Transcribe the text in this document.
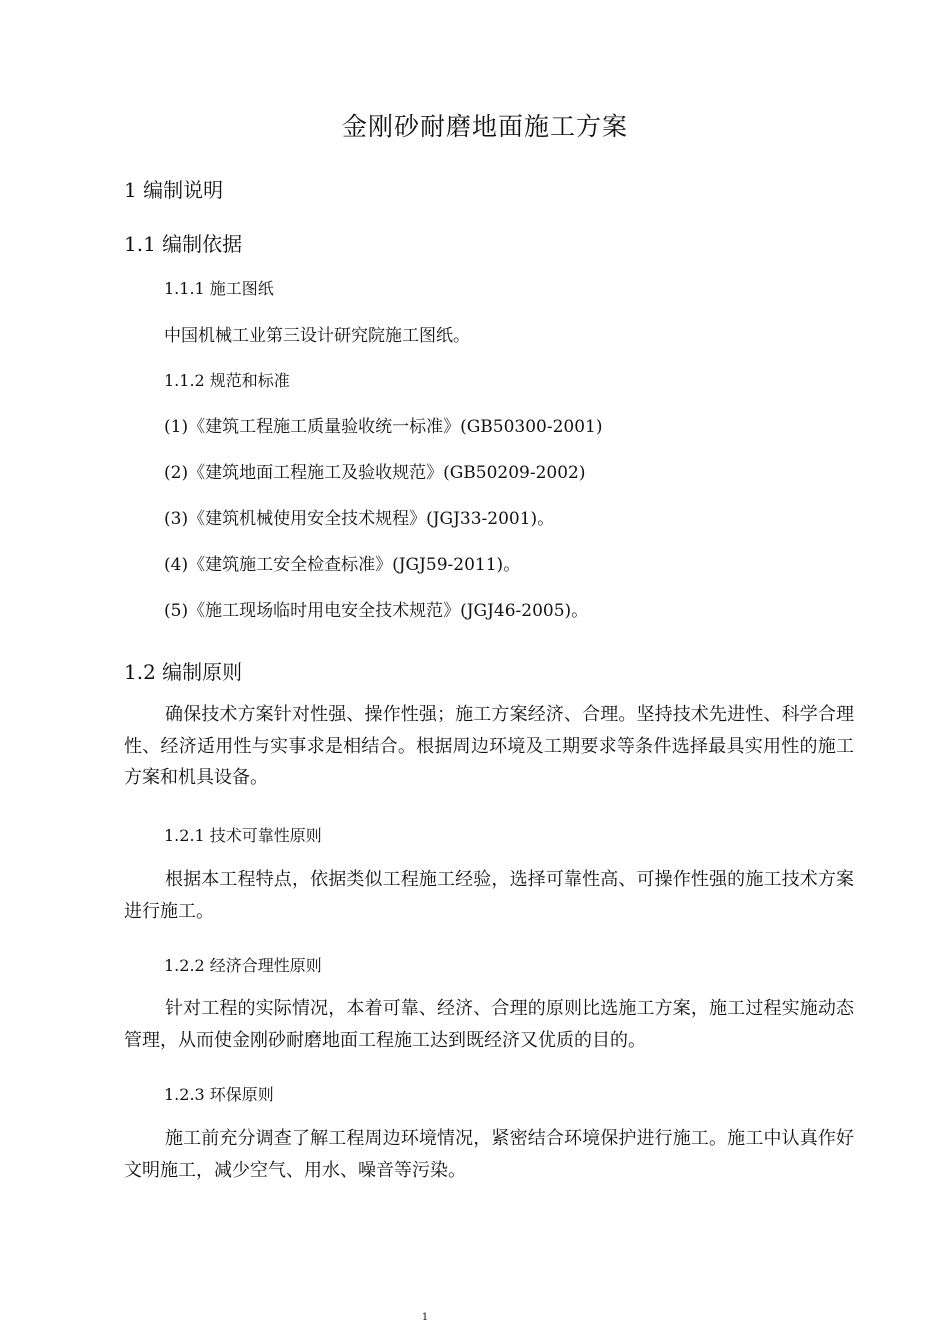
金刚砂耐磨地面施工方案
1 编制说明
1.1 编制依据
1.1.1 施工图纸
中国机械工业第三设计研究院施工图纸。
1.1.2 规范和标准
(1)《建筑工程施工质量验收统一标准》(GB50300-2001)
(2)《建筑地面工程施工及验收规范》(GB50209-2002)
(3)《建筑机械使用安全技术规程》(JGJ33-2001)。
(4)《建筑施工安全检查标准》(JGJ59-2011)。
(5)《施工现场临时用电安全技术规范》(JGJ46-2005)。
1.2 编制原则
确保技术方案针对性强、操作性强；施工方案经济、合理。坚持技术先进性、科学合理性、经济适用性与实事求是相结合。根据周边环境及工期要求等条件选择最具实用性的施工方案和机具设备。
1.2.1 技术可靠性原则
根据本工程特点，依据类似工程施工经验，选择可靠性高、可操作性强的施工技术方案进行施工。
1.2.2 经济合理性原则
针对工程的实际情况，本着可靠、经济、合理的原则比选施工方案，施工过程实施动态管理，从而使金刚砂耐磨地面工程施工达到既经济又优质的目的。
1.2.3 环保原则
施工前充分调查了解工程周边环境情况，紧密结合环境保护进行施工。施工中认真作好文明施工，减少空气、用水、噪音等污染。
1
